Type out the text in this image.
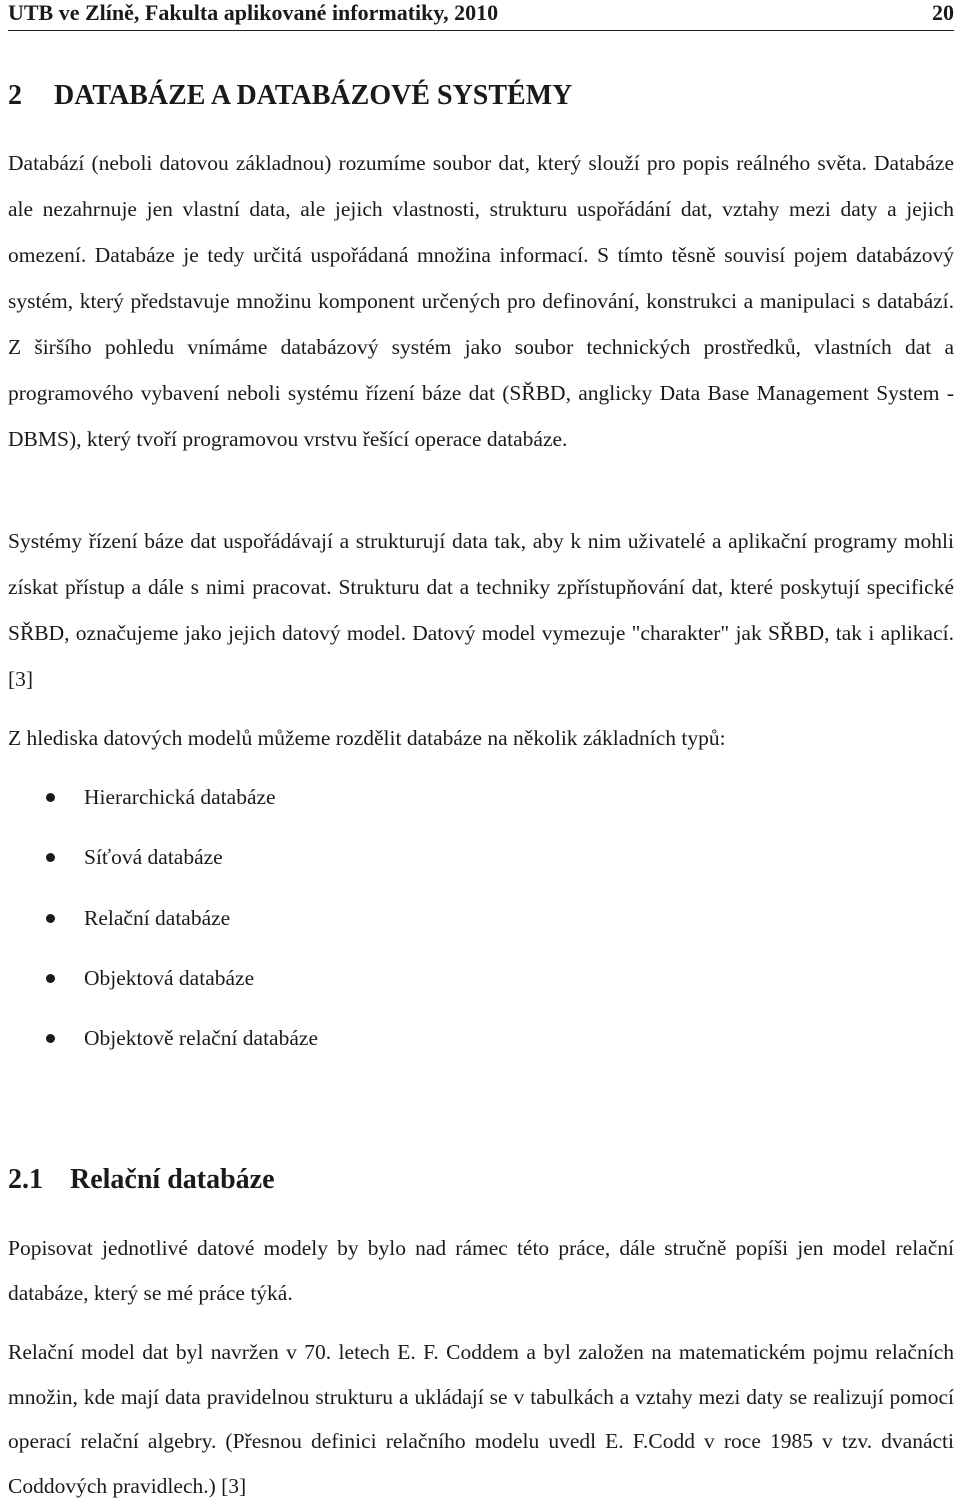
UTB ve Zlíně, Fakulta aplikované informatiky, 2010	20
2 DATABÁZE A DATABÁZOVÉ SYSTÉMY

Databází (neboli datovou základnou) rozumíme soubor dat, který slouží pro popis reálného světa. Databáze ale nezahrnuje jen vlastní data, ale jejich vlastnosti, strukturu uspořádání dat, vztahy mezi daty a jejich omezení. Databáze je tedy určitá uspořádaná množina informací. S tímto těsně souvisí pojem databázový systém, který představuje množinu komponent určených pro definování, konstrukci a manipulaci s databází. Z širšího pohledu vnímáme databázový systém jako soubor technických prostředků, vlastních dat a programového vybavení neboli systému řízení báze dat (SŘBD, anglicky Data Base Management System - DBMS), který tvoří programovou vrstvu řešící operace databáze.

Systémy řízení báze dat uspořádávají a strukturují data tak, aby k nim uživatelé a aplikační programy mohli získat přístup a dále s nimi pracovat. Strukturu dat a techniky zpřístupňování dat, které poskytují specifické SŘBD, označujeme jako jejich datový model. Datový model vymezuje "charakter" jak SŘBD, tak i aplikací. [3]

Z hlediska datových modelů můžeme rozdělit databáze na několik základních typů:

Hierarchická databáze
Síťová databáze
Relační databáze
Objektová databáze
Objektově relační databáze
2.1 Relační databáze

Popisovat jednotlivé datové modely by bylo nad rámec této práce, dále stručně popíši jen model relační databáze, který se mé práce týká.

Relační model dat byl navržen v 70. letech E. F. Coddem a byl založen na matematickém pojmu relačních množin, kde mají data pravidelnou strukturu a ukládají se v tabulkách a vztahy mezi daty se realizují pomocí operací relační algebry. (Přesnou definici relačního modelu uvedl E. F.Codd v roce 1985 v tzv. dvanácti Coddových pravidlech.) [3]
